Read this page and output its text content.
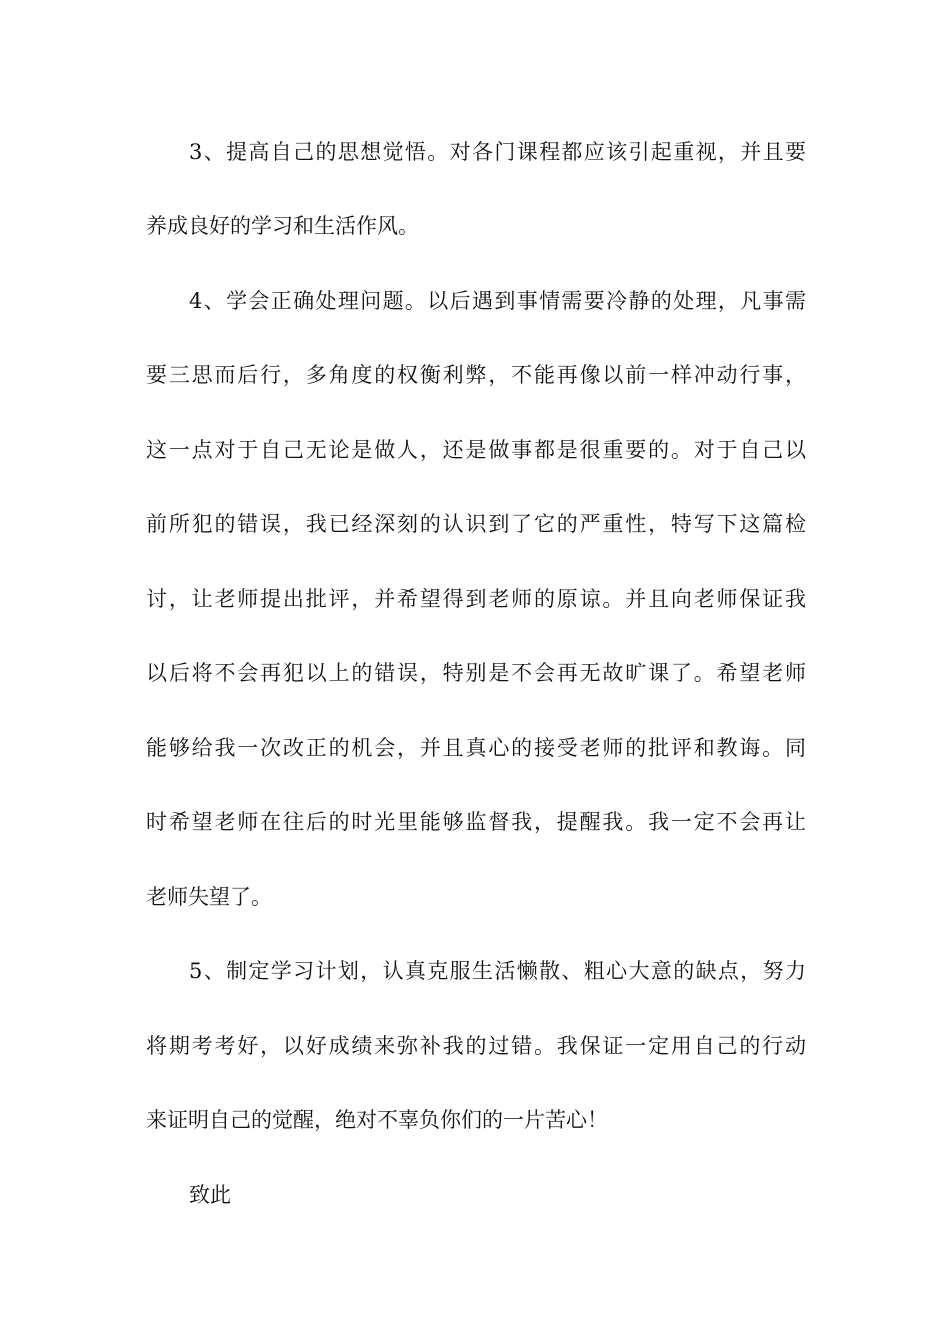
3、提高自己的思想觉悟。对各门课程都应该引起重视，并且要
养成良好的学习和生活作风。
4、学会正确处理问题。以后遇到事情需要冷静的处理，凡事需
要三思而后行，多角度的权衡利弊，不能再像以前一样冲动行事，
这一点对于自己无论是做人，还是做事都是很重要的。对于自己以
前所犯的错误，我已经深刻的认识到了它的严重性，特写下这篇检
讨，让老师提出批评，并希望得到老师的原谅。并且向老师保证我
以后将不会再犯以上的错误，特别是不会再无故旷课了。希望老师
能够给我一次改正的机会，并且真心的接受老师的批评和教诲。同
时希望老师在往后的时光里能够监督我，提醒我。我一定不会再让
老师失望了。
5、制定学习计划，认真克服生活懒散、粗心大意的缺点，努力
将期考考好，以好成绩来弥补我的过错。我保证一定用自己的行动
来证明自己的觉醒，绝对不辜负你们的一片苦心！
致此
